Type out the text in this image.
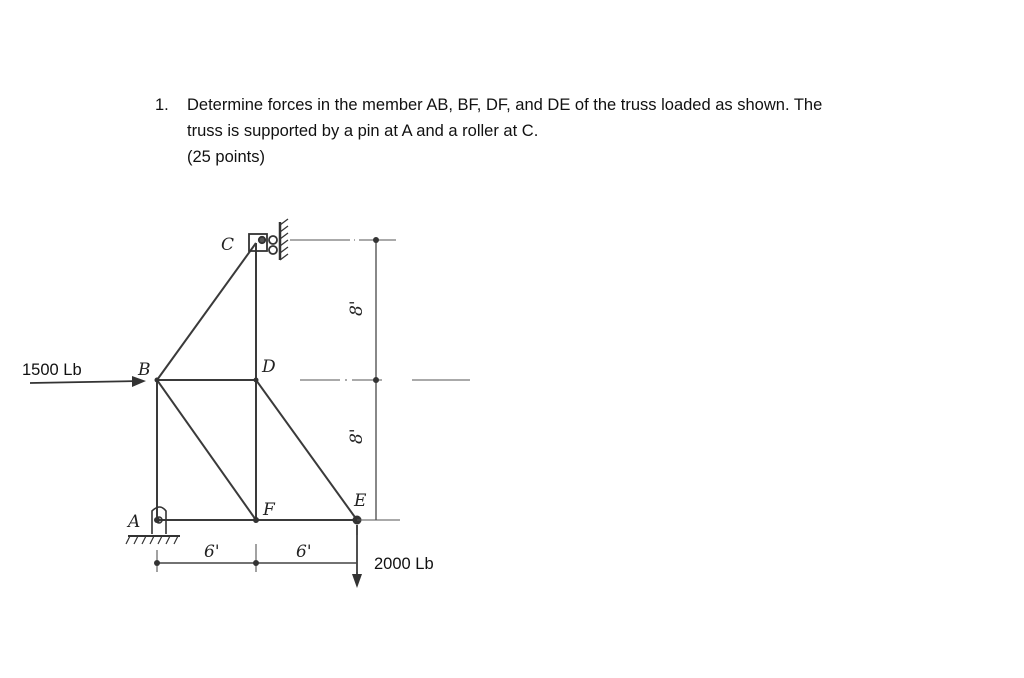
1. Determine forces in the member AB, BF, DF, and DE of the truss loaded as shown. The
truss is supported by a pin at A and a roller at C.
(25 points)
C
B	D
F	E
A
1500 Lb
2000 Lb
6'	6'
8'
8'
